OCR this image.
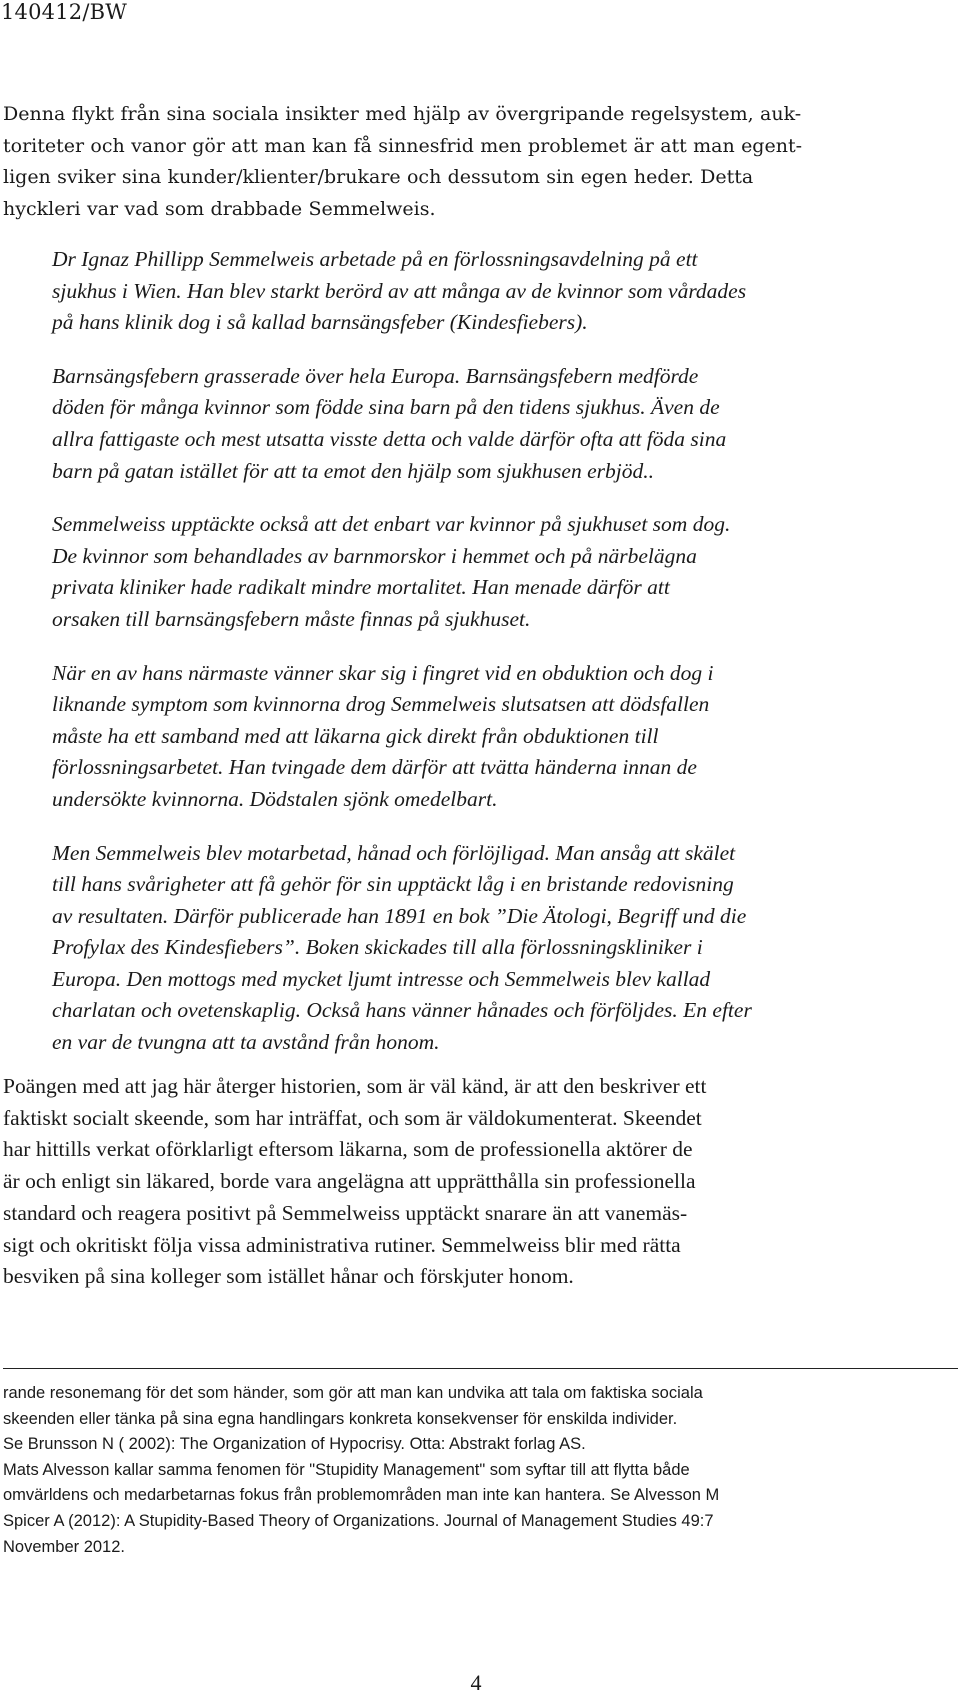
140412/BW
Denna flykt från sina sociala insikter med hjälp av övergripande regelsystem, auk-
toriteter och vanor gör att man kan få sinnesfrid men problemet är att man egent-
ligen sviker sina kunder/klienter/brukare och dessutom sin egen heder. Detta
hyckleri var vad som drabbade Semmelweis.
Dr Ignaz Phillipp Semmelweis arbetade på en förlossningsavdelning på ett
sjukhus i Wien. Han blev starkt berörd av att många av de kvinnor som vårdades
på hans klinik dog i så kallad barnsängsfeber (Kindesfiebers).
Barnsängsfebern grasserade över hela Europa. Barnsängsfebern medförde
döden för många kvinnor som födde sina barn på den tidens sjukhus. Även de
allra fattigaste och mest utsatta visste detta och valde därför ofta att föda sina
barn på gatan istället för att ta emot den hjälp som sjukhusen erbjöd..
Semmelweiss upptäckte också att det enbart var kvinnor på sjukhuset som dog.
De kvinnor som behandlades av barnmorskor i hemmet och på närbelägna
privata kliniker hade radikalt mindre mortalitet. Han menade därför att
orsaken till barnsängsfebern måste finnas på sjukhuset.
När en av hans närmaste vänner skar sig i fingret vid en obduktion och dog i
liknande symptom som kvinnorna drog Semmelweis slutsatsen att dödsfallen
måste ha ett samband med att läkarna gick direkt från obduktionen till
förlossningsarbetet. Han tvingade dem därför att tvätta händerna innan de
undersökte kvinnorna. Dödstalen sjönk omedelbart.
Men Semmelweis blev motarbetad, hånad och förlöjligad. Man ansåg att skälet
till hans svårigheter att få gehör för sin upptäckt låg i en bristande redovisning
av resultaten. Därför publicerade han 1891 en bok ”Die Ätologi, Begriff und die
Profylax des Kindesfiebers”. Boken skickades till alla förlossningskliniker i
Europa. Den mottogs med mycket ljumt intresse och Semmelweis blev kallad
charlatan och ovetenskaplig. Också hans vänner hånades och förföljdes. En efter
en var de tvungna att ta avstånd från honom.
Poängen med att jag här återger historien, som är väl känd, är att den beskriver ett
faktiskt socialt skeende, som har inträffat, och som är väldokumenterat. Skeendet
har hittills verkat oförklarligt eftersom läkarna, som de professionella aktörer de
är och enligt sin läkared, borde vara angelägna att upprätthålla sin professionella
standard och reagera positivt på Semmelweiss upptäckt snarare än att vanemäs-
sigt och okritiskt följa vissa administrativa rutiner. Semmelweiss blir med rätta
besviken på sina kolleger som istället hånar och förskjuter honom.
rande resonemang för det som händer, som gör att man kan undvika att tala om faktiska sociala
skeenden eller tänka på sina egna handlingars konkreta konsekvenser för enskilda individer.
Se Brunsson N ( 2002): The Organization of Hypocrisy. Otta: Abstrakt forlag AS.
Mats Alvesson kallar samma fenomen för "Stupidity Management" som syftar till att flytta både
omvärldens och medarbetarnas fokus från problemområden man inte kan hantera. Se Alvesson M
Spicer A (2012): A Stupidity-Based Theory of Organizations. Journal of Management Studies 49:7
November 2012.
4
